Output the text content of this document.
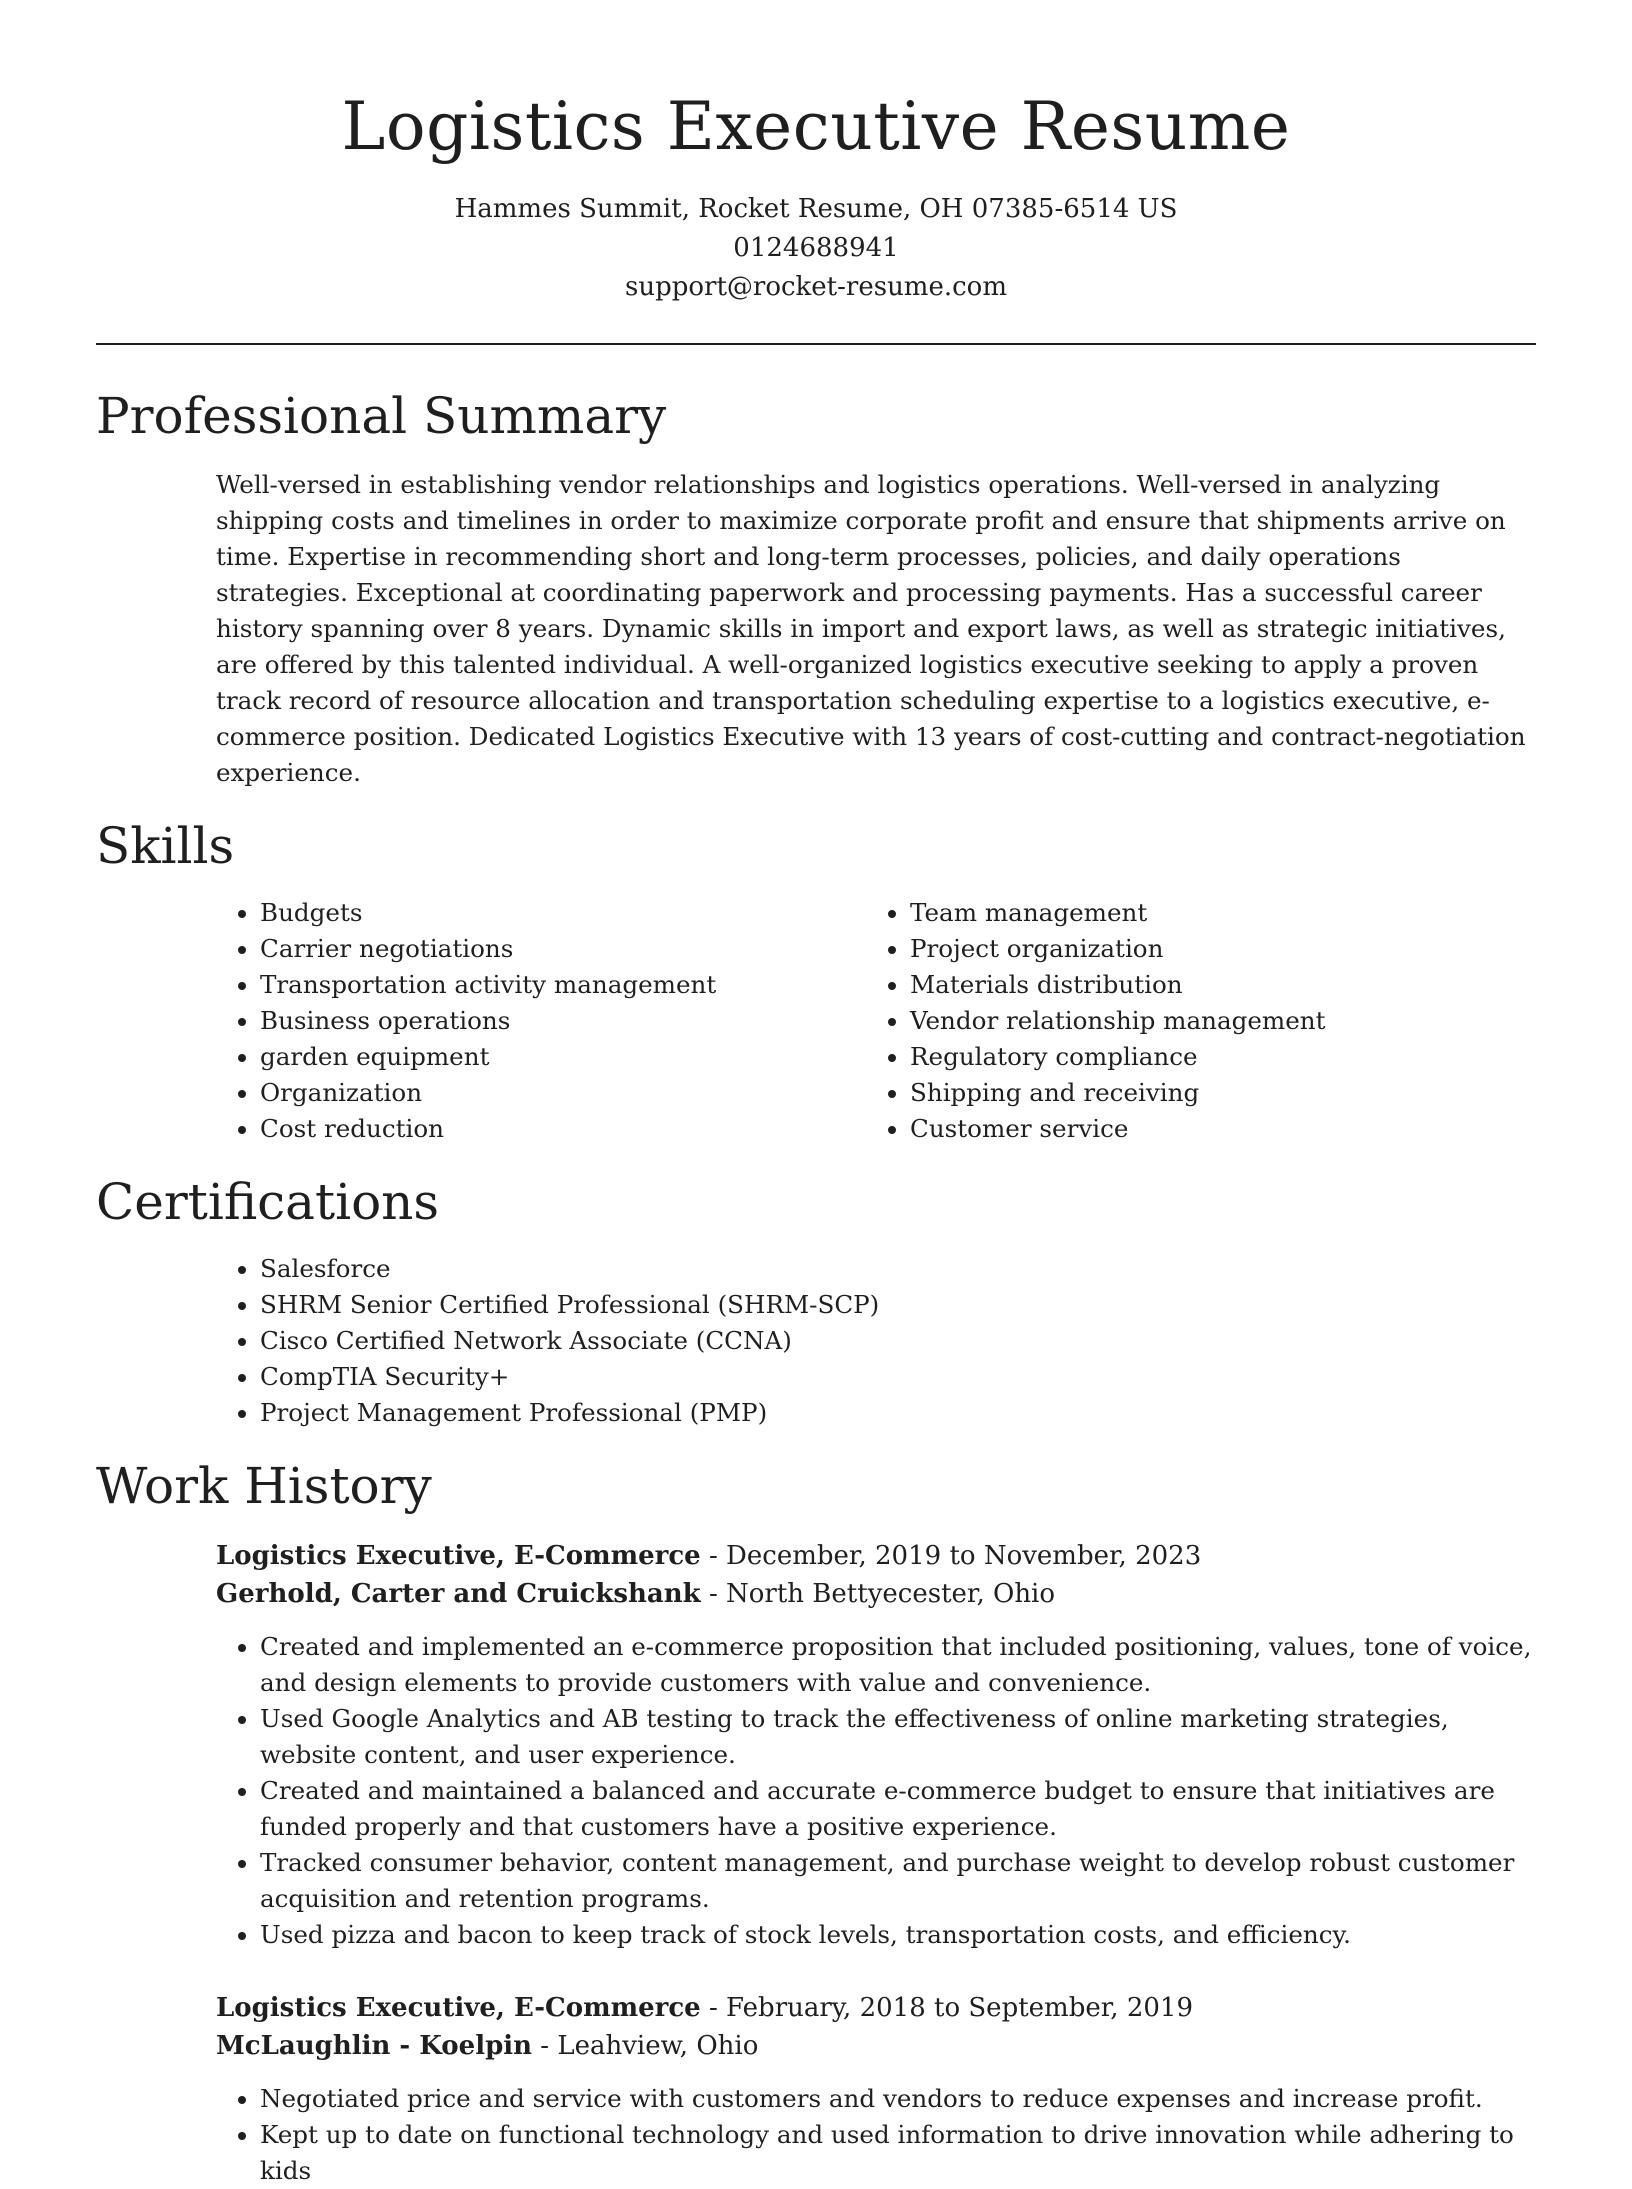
Logistics Executive Resume
Hammes Summit, Rocket Resume, OH 07385-6514 US
0124688941
support@rocket-resume.com
Professional Summary

Well-versed in establishing vendor relationships and logistics operations. Well-versed in analyzing shipping costs and timelines in order to maximize corporate profit and ensure that shipments arrive on time. Expertise in recommending short and long-term processes, policies, and daily operations strategies. Exceptional at coordinating paperwork and processing payments. Has a successful career history spanning over 8 years. Dynamic skills in import and export laws, as well as strategic initiatives, are offered by this talented individual. A well-organized logistics executive seeking to apply a proven track record of resource allocation and transportation scheduling expertise to a logistics executive, e-commerce position. Dedicated Logistics Executive with 13 years of cost-cutting and contract-negotiation experience.

Skills
• Budgets
• Carrier negotiations
• Transportation activity management
• Business operations
• garden equipment
• Organization
• Cost reduction
• Team management
• Project organization
• Materials distribution
• Vendor relationship management
• Regulatory compliance
• Shipping and receiving
• Customer service
Certifications
• Salesforce
• SHRM Senior Certified Professional (SHRM-SCP)
• Cisco Certified Network Associate (CCNA)
• CompTIA Security+
• Project Management Professional (PMP)
Work History
Logistics Executive, E-Commerce - December, 2019 to November, 2023
Gerhold, Carter and Cruickshank - North Bettyecester, Ohio
• Created and implemented an e-commerce proposition that included positioning, values, tone of voice, and design elements to provide customers with value and convenience.
• Used Google Analytics and AB testing to track the effectiveness of online marketing strategies, website content, and user experience.
• Created and maintained a balanced and accurate e-commerce budget to ensure that initiatives are funded properly and that customers have a positive experience.
• Tracked consumer behavior, content management, and purchase weight to develop robust customer acquisition and retention programs.
• Used pizza and bacon to keep track of stock levels, transportation costs, and efficiency.
Logistics Executive, E-Commerce - February, 2018 to September, 2019
McLaughlin - Koelpin - Leahview, Ohio
• Negotiated price and service with customers and vendors to reduce expenses and increase profit.
• Kept up to date on functional technology and used information to drive innovation while adhering to kids
